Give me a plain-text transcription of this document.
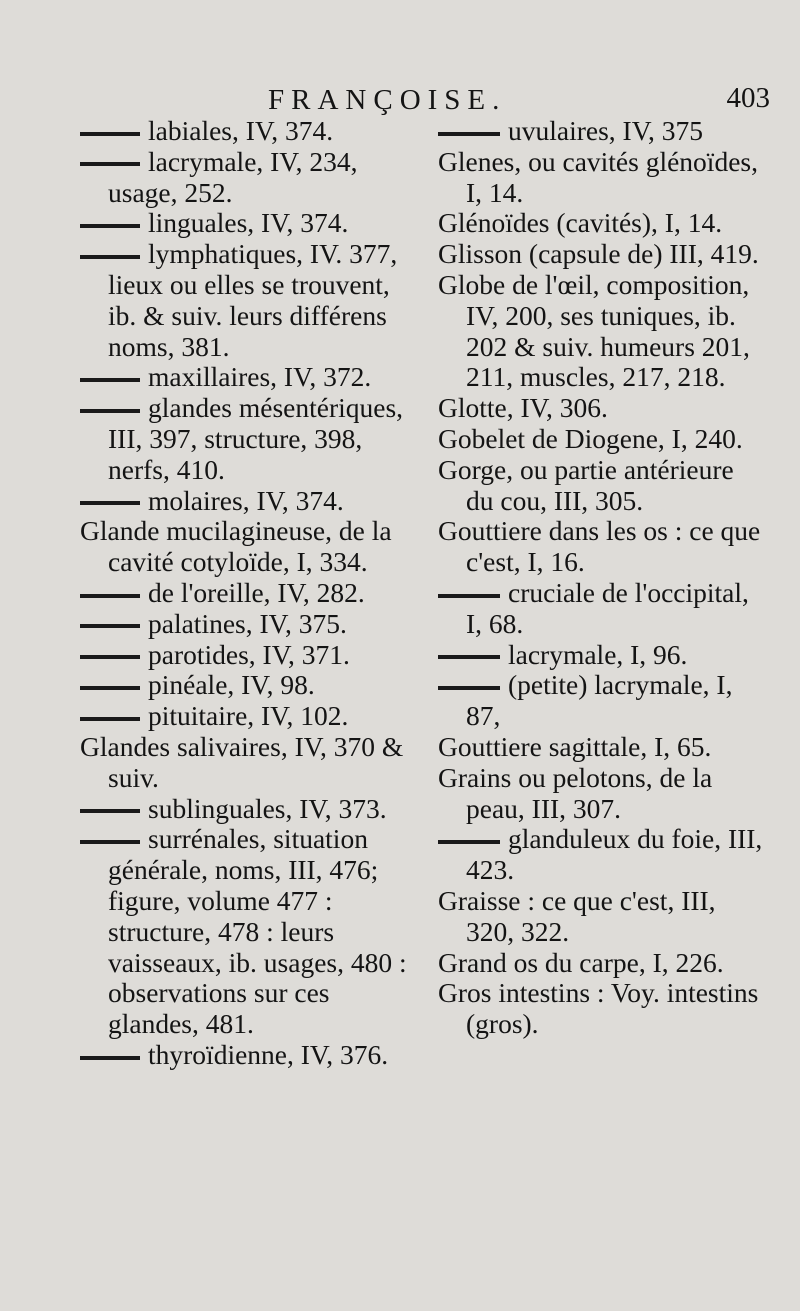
FRANÇOISE.	403
labiales, IV, 374.
lacrymale, IV, 234, usage, 252.
linguales, IV, 374.
lymphatiques, IV. 377, lieux ou elles se trouvent, ib. & suiv. leurs différens noms, 381.
maxillaires, IV, 372.
glandes mésentériques, III, 397, structure, 398, nerfs, 410.
molaires, IV, 374.
Glande mucilagineuse, de la cavité cotyloïde, I, 334.
de l'oreille, IV, 282.
palatines, IV, 375.
parotides, IV, 371.
pinéale, IV, 98.
pituitaire, IV, 102.
Glandes salivaires, IV, 370 & suiv.
sublinguales, IV, 373.
surrénales, situation générale, noms, III, 476; figure, volume 477 : structure, 478 : leurs vaisseaux, ib. usages, 480 : observations sur ces glandes, 481.
thyroïdienne, IV, 376.
uvulaires, IV, 375
Glenes, ou cavités glénoïdes, I, 14.
Glénoïdes (cavités), I, 14.
Glisson (capsule de) III, 419.
Globe de l'œil, composition, IV, 200, ses tuniques, ib. 202 & suiv. humeurs 201, 211, muscles, 217, 218.
Glotte, IV, 306.
Gobelet de Diogene, I, 240.
Gorge, ou partie antérieure du cou, III, 305.
Gouttiere dans les os : ce que c'est, I, 16.
cruciale de l'occipital, I, 68.
lacrymale, I, 96.
(petite) lacrymale, I, 87,
Gouttiere sagittale, I, 65.
Grains ou pelotons, de la peau, III, 307.
glanduleux du foie, III, 423.
Graisse : ce que c'est, III, 320, 322.
Grand os du carpe, I, 226.
Gros intestins : Voy. intestins (gros).
